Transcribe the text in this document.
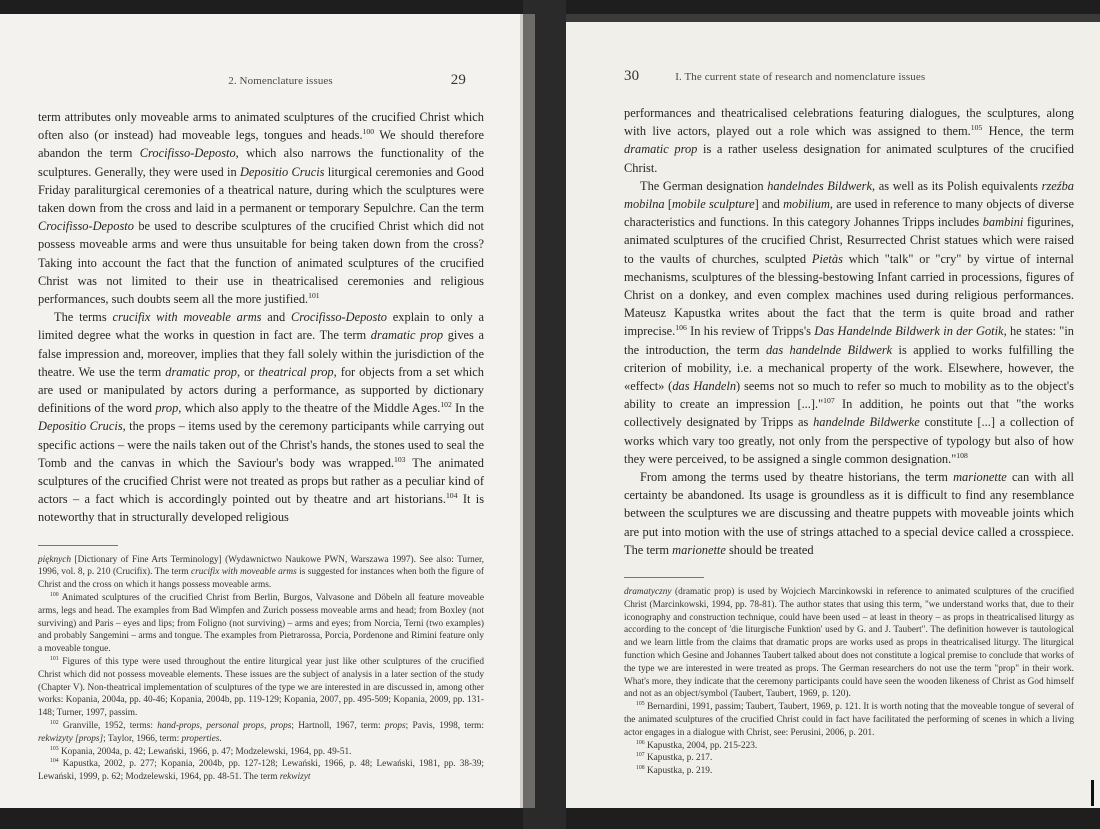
2. Nomenclature issues	29

term attributes only moveable arms to animated sculptures of the crucified Christ which often also (or instead) had moveable legs, tongues and heads.$^{100}$ We should therefore abandon the term Crocifisso-Deposto, which also narrows the functionality of the sculptures. Generally, they were used in Depositio Crucis liturgical ceremonies and Good Friday paraliturgical ceremonies of a theatrical nature, during which the sculptures were taken down from the cross and laid in a permanent or temporary Sepulchre. Can the term Crocifisso-Deposto be used to describe sculptures of the crucified Christ which did not possess moveable arms and were thus unsuitable for being taken down from the cross? Taking into account the fact that the function of animated sculptures of the crucified Christ was not limited to their use in theatricalised ceremonies and religious performances, such doubts seem all the more justified.$^{101}$

The terms crucifix with moveable arms and Crocifisso-Deposto explain to only a limited degree what the works in question in fact are. The term dramatic prop gives a false impression and, moreover, implies that they fall solely within the jurisdiction of the theatre. We use the term dramatic prop, or theatrical prop, for objects from a set which are used or manipulated by actors during a performance, as supported by dictionary definitions of the word prop, which also apply to the theatre of the Middle Ages.$^{102}$ In the Depositio Crucis, the props – items used by the ceremony participants while carrying out specific actions – were the nails taken out of the Christ's hands, the stones used to seal the Tomb and the canvas in which the Saviour's body was wrapped.$^{103}$ The animated sculptures of the crucified Christ were not treated as props but rather as a peculiar kind of actors – a fact which is accordingly pointed out by theatre and art historians.$^{104}$ It is noteworthy that in structurally developed religious

pięknych [Dictionary of Fine Arts Terminology] (Wydawnictwo Naukowe PWN, Warszawa 1997). See also: Turner, 1996, vol. 8, p. 210 (Crucifix). The term crucifix with moveable arms is suggested for instances when both the figure of Christ and the cross on which it hangs possess moveable arms.

$^{100}$ Animated sculptures of the crucified Christ from Berlin, Burgos, Valvasone and Döbeln all feature moveable arms, legs and head. The examples from Bad Wimpfen and Zurich possess moveable arms and head; from Boxley (not surviving) and Paris – eyes and lips; from Foligno (not surviving) – arms and eyes; from Norcia, Terni (two examples) and probably Sangemini – arms and tongue. The examples from Pietrarossa, Porcia, Pordenone and Rimini feature only a moveable tongue.

$^{101}$ Figures of this type were used throughout the entire liturgical year just like other sculptures of the crucified Christ which did not possess moveable elements. These issues are the subject of analysis in a later section of the study (Chapter V). Non-theatrical implementation of sculptures of the type we are interested in are discussed in, among other works: Kopania, 2004a, pp. 40-46; Kopania, 2004b, pp. 119-129; Kopania, 2007, pp. 495-509; Kopania, 2009, pp. 131-148; Turner, 1997, passim.

$^{102}$ Granville, 1952, terms: hand-props, personal props, props; Hartnoll, 1967, term: props; Pavis, 1998, term: rekwizyty [props]; Taylor, 1966, term: properties.

$^{103}$ Kopania, 2004a, p. 42; Lewański, 1966, p. 47; Modzelewski, 1964, pp. 49-51.

$^{104}$ Kapustka, 2002, p. 277; Kopania, 2004b, pp. 127-128; Lewański, 1966, p. 48; Lewański, 1981, pp. 38-39; Lewański, 1999, p. 62; Modzelewski, 1964, pp. 48-51. The term rekwizyt

30	I. The current state of research and nomenclature issues

performances and theatricalised celebrations featuring dialogues, the sculptures, along with live actors, played out a role which was assigned to them.$^{105}$ Hence, the term dramatic prop is a rather useless designation for animated sculptures of the crucified Christ.

The German designation handelndes Bildwerk, as well as its Polish equivalents rzeźba mobilna [mobile sculpture] and mobilium, are used in reference to many objects of diverse characteristics and functions. In this category Johannes Tripps includes bambini figurines, animated sculptures of the crucified Christ, Resurrected Christ statues which were raised to the vaults of churches, sculpted Pietàs which "talk" or "cry" by virtue of internal mechanisms, sculptures of the blessing-bestowing Infant carried in processions, figures of Christ on a donkey, and even complex machines used during religious performances. Mateusz Kapustka writes about the fact that the term is quite broad and rather imprecise.$^{106}$ In his review of Tripps's Das Handelnde Bildwerk in der Gotik, he states: "in the introduction, the term das handelnde Bildwerk is applied to works fulfilling the criterion of mobility, i.e. a mechanical property of the work. Elsewhere, however, the «effect» (das Handeln) seems not so much to refer so much to mobility as to the object's ability to create an impression [...]."$^{107}$ In addition, he points out that "the works collectively designated by Tripps as handelnde Bildwerke constitute [...] a collection of works which vary too greatly, not only from the perspective of typology but also of how they were perceived, to be assigned a single common designation."$^{108}$

From among the terms used by theatre historians, the term marionette can with all certainty be abandoned. Its usage is groundless as it is difficult to find any resemblance between the sculptures we are discussing and theatre puppets with moveable joints which are put into motion with the use of strings attached to a special device called a crosspiece. The term marionette should be treated

dramatyczny (dramatic prop) is used by Wojciech Marcinkowski in reference to animated sculptures of the crucified Christ (Marcinkowski, 1994, pp. 78-81). The author states that using this term, "we understand works that, due to their iconography and construction technique, could have been used – at least in theory – as props in theatricalised liturgy as according to the concept of 'die liturgische Funktion' used by G. and J. Taubert". The definition however is tautological and we learn little from the claims that dramatic props are works used as props in theatricalised liturgy. The liturgical function which Gesine and Johannes Taubert talked about does not constitute a logical premise to conclude that works of the type we are interested in were treated as props. The German researchers do not use the term "prop" in their work. What's more, they indicate that the ceremony participants could have seen the wooden likeness of Christ as God himself and not as an object/symbol (Taubert, Taubert, 1969, p. 120).

$^{105}$ Bernardini, 1991, passim; Taubert, Taubert, 1969, p. 121. It is worth noting that the moveable tongue of several of the animated sculptures of the crucified Christ could in fact have facilitated the performing of scenes in which a living actor engages in a dialogue with Christ, see: Perusini, 2006, p. 201.

$^{106}$ Kapustka, 2004, pp. 215-223.

$^{107}$ Kapustka, p. 217.

$^{108}$ Kapustka, p. 219.
